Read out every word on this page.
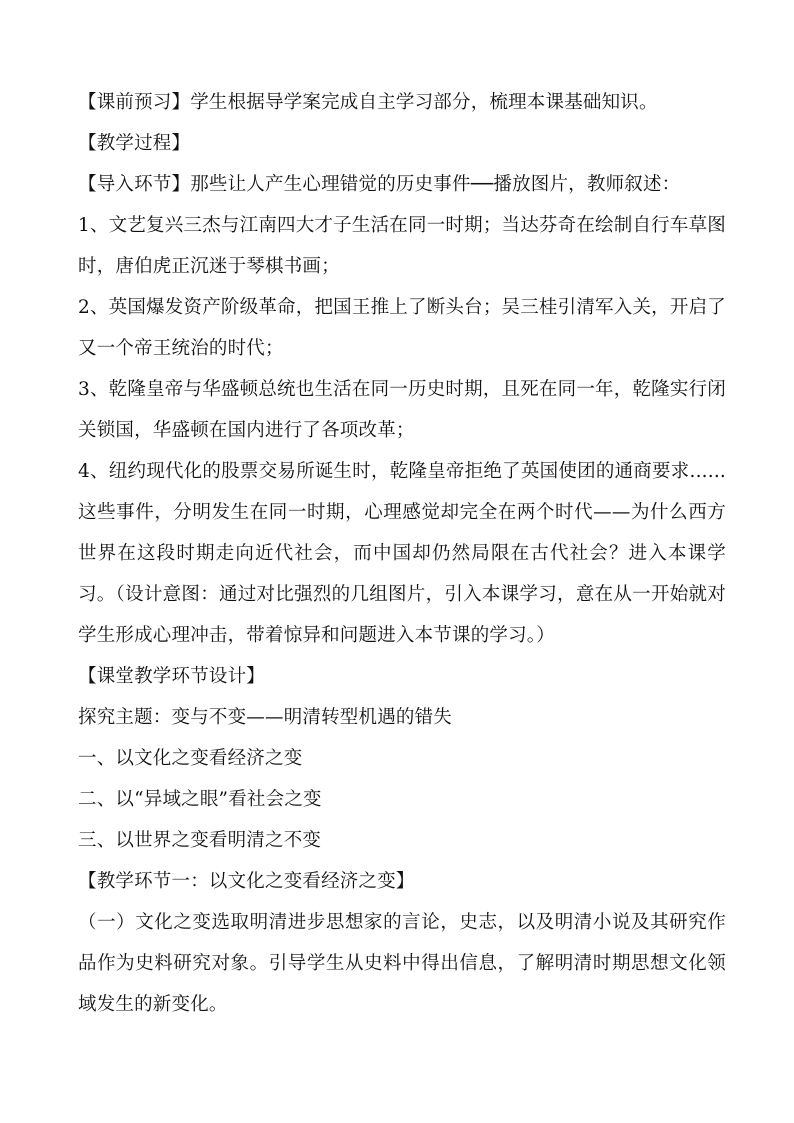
【课前预习】学生根据导学案完成自主学习部分，梳理本课基础知识。

【教学过程】

【导入环节】那些让人产生心理错觉的历史事件──播放图片，教师叙述：

1、文艺复兴三杰与江南四大才子生活在同一时期；当达芬奇在绘制自行车草图时，唐伯虎正沉迷于琴棋书画；

2、英国爆发资产阶级革命，把国王推上了断头台；吴三桂引清军入关，开启了又一个帝王统治的时代；

3、乾隆皇帝与华盛顿总统也生活在同一历史时期，且死在同一年，乾隆实行闭关锁国，华盛顿在国内进行了各项改革；

4、纽约现代化的股票交易所诞生时，乾隆皇帝拒绝了英国使团的通商要求......这些事件，分明发生在同一时期，心理感觉却完全在两个时代——为什么西方世界在这段时期走向近代社会，而中国却仍然局限在古代社会？进入本课学习。（设计意图：通过对比强烈的几组图片，引入本课学习，意在从一开始就对学生形成心理冲击，带着惊异和问题进入本节课的学习。）

【课堂教学环节设计】

探究主题：变与不变——明清转型机遇的错失

一、以文化之变看经济之变

二、以“异域之眼”看社会之变

三、以世界之变看明清之不变

【教学环节一：以文化之变看经济之变】

（一）文化之变选取明清进步思想家的言论，史志，以及明清小说及其研究作品作为史料研究对象。引导学生从史料中得出信息，了解明清时期思想文化领域发生的新变化。
